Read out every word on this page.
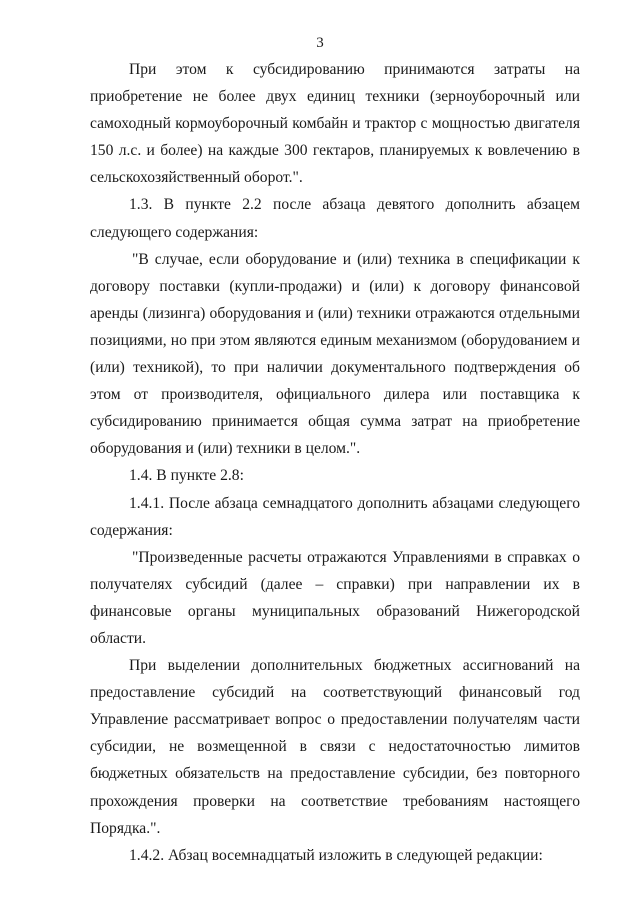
3

При этом к субсидированию принимаются затраты на приобретение не более двух единиц техники (зерноуборочный или самоходный кормоуборочный комбайн и трактор с мощностью двигателя 150 л.с. и более) на каждые 300 гектаров, планируемых к вовлечению в сельскохозяйственный оборот.".

1.3. В пункте 2.2 после абзаца девятого дополнить абзацем следующего содержания:

"В случае, если оборудование и (или) техника в спецификации к договору поставки (купли-продажи) и (или) к договору финансовой аренды (лизинга) оборудования и (или) техники отражаются отдельными позициями, но при этом являются единым механизмом (оборудованием и (или) техникой), то при наличии документального подтверждения об этом от производителя, официального дилера или поставщика к субсидированию принимается общая сумма затрат на приобретение оборудования и (или) техники в целом.".

1.4. В пункте 2.8:

1.4.1. После абзаца семнадцатого дополнить абзацами следующего содержания:

"Произведенные расчеты отражаются Управлениями в справках о получателях субсидий (далее – справки) при направлении их в финансовые органы муниципальных образований Нижегородской области.

При выделении дополнительных бюджетных ассигнований на предоставление субсидий на соответствующий финансовый год Управление рассматривает вопрос о предоставлении получателям части субсидии, не возмещенной в связи с недостаточностью лимитов бюджетных обязательств на предоставление субсидии, без повторного прохождения проверки на соответствие требованиям настоящего Порядка.".

1.4.2. Абзац восемнадцатый изложить в следующей редакции:
